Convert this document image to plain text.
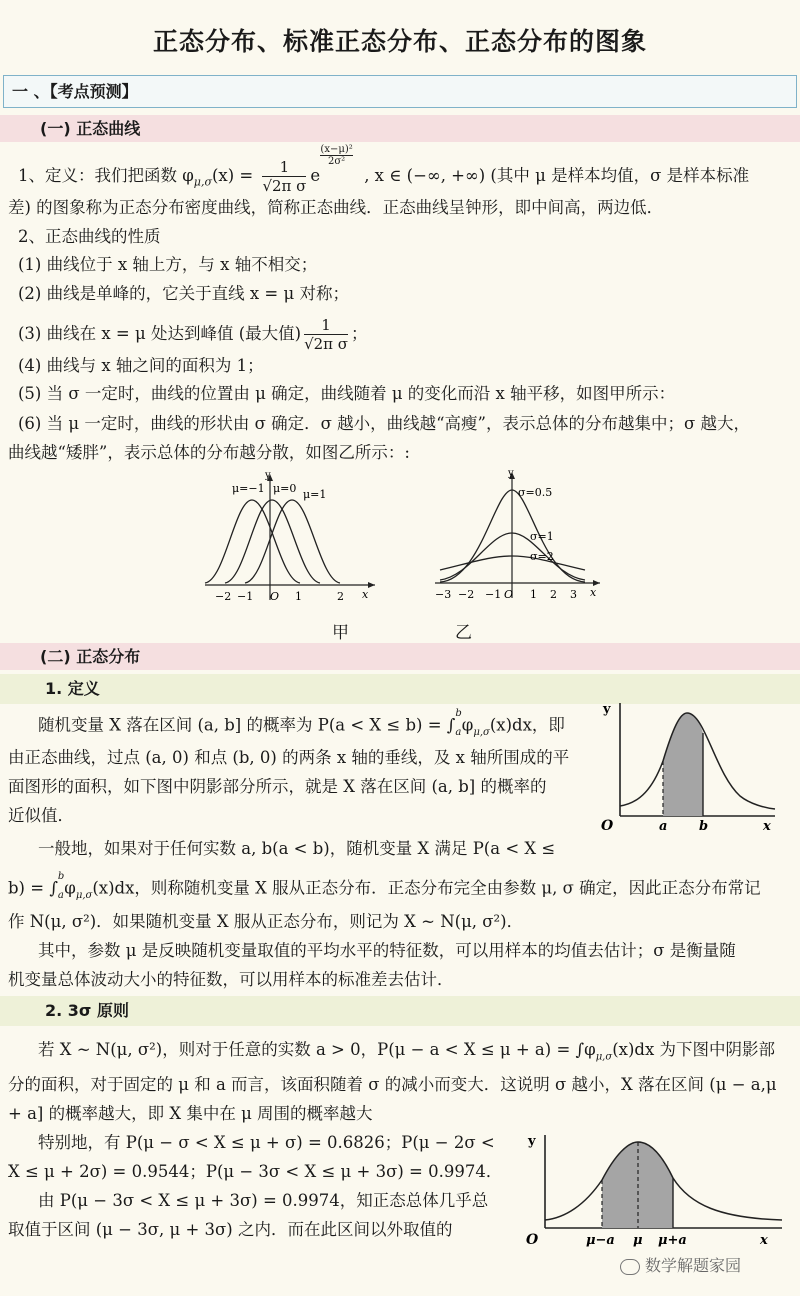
正态分布、标准正态分布、正态分布的图象
一 、【考点预测】
(一) 正态曲线
1、定义：我们把函数 $\varphi_{\mu,\sigma}(x) = \frac{1}{\text{√2π σ}}$ e
(x−μ)²
2σ²
, x ∈ (−∞, +∞) (其中 μ 是样本均值，σ 是样本标准
差) 的图象称为正态分布密度曲线，简称正态曲线．正态曲线呈钟形，即中间高，两边低．
2、正态曲线的性质
(1) 曲线位于 x 轴上方，与 x 轴不相交；
(2) 曲线是单峰的，它关于直线 x = μ 对称；
(3) 曲线在 x = μ 处达到峰值 (最大值) $\frac{1}{\text{√2π σ}}$ ；
(4) 曲线与 x 轴之间的面积为 1；
(5) 当 σ 一定时，曲线的位置由 μ 确定，曲线随着 μ 的变化而沿 x 轴平移，如图甲所示：
(6) 当 μ 一定时，曲线的形状由 σ 确定．σ 越小，曲线越“高瘦”，表示总体的分布越集中；σ 越大，
曲线越“矮胖”，表示总体的分布越分散，如图乙所示：:
μ=−1 μ=0 μ=1
y
x
−2 −1 O 1	2
甲
σ=0.5
σ=1
σ=2
y
x
−3 −2 −1 O 1 2 3
乙
(二) 正态分布
1. 定义
随机变量 X 落在区间 (a, b] 的概率为 $P(a < X \le b) = \int_a^b\varphi_{\mu,\sigma}(x)dx$，即
由正态曲线，过点 (a, 0) 和点 (b, 0) 的两条 x 轴的垂线，及 x 轴所围成的平
面图形的面积，如下图中阴影部分所示，就是 X 落在区间 (a, b] 的概率的
近似值．
y
O	a b	x
一般地，如果对于任何实数 a, b(a < b)，随机变量 X 满足 P(a < X ≤
$b) = \int_a^b\varphi_{\mu,\sigma}(x)dx$，则称随机变量 X 服从正态分布．正态分布完全由参数 μ, σ 确定，因此正态分布常记
作 N(μ, σ²)．如果随机变量 X 服从正态分布，则记为 X ~ N(μ, σ²)．
其中，参数 μ 是反映随机变量取值的平均水平的特征数，可以用样本的均值去估计；σ 是衡量随
机变量总体波动大小的特征数，可以用样本的标准差去估计．
2. 3σ 原则
若 X ~ N(μ, σ²)，则对于任意的实数 a > 0，$P(\mu - a < X \le \mu + a) = \int\varphi_{\mu,\sigma}(x)dx$ 为下图中阴影部
分的面积，对于固定的 μ 和 a 而言，该面积随着 σ 的减小而变大．这说明 σ 越小，X 落在区间 (μ − a,μ
+ a] 的概率越大，即 X 集中在 μ 周围的概率越大
特别地，有 P(μ − σ < X ≤ μ + σ) = 0.6826；P(μ − 2σ <
X ≤ μ + 2σ) = 0.9544；P(μ − 3σ < X ≤ μ + 3σ) = 0.9974．
由 P(μ − 3σ < X ≤ μ + 3σ) = 0.9974，知正态总体几乎总
取值于区间 (μ − 3σ, μ + 3σ) 之内．而在此区间以外取值的
y
O	μ−a μ μ+a	x
数学解题家园
